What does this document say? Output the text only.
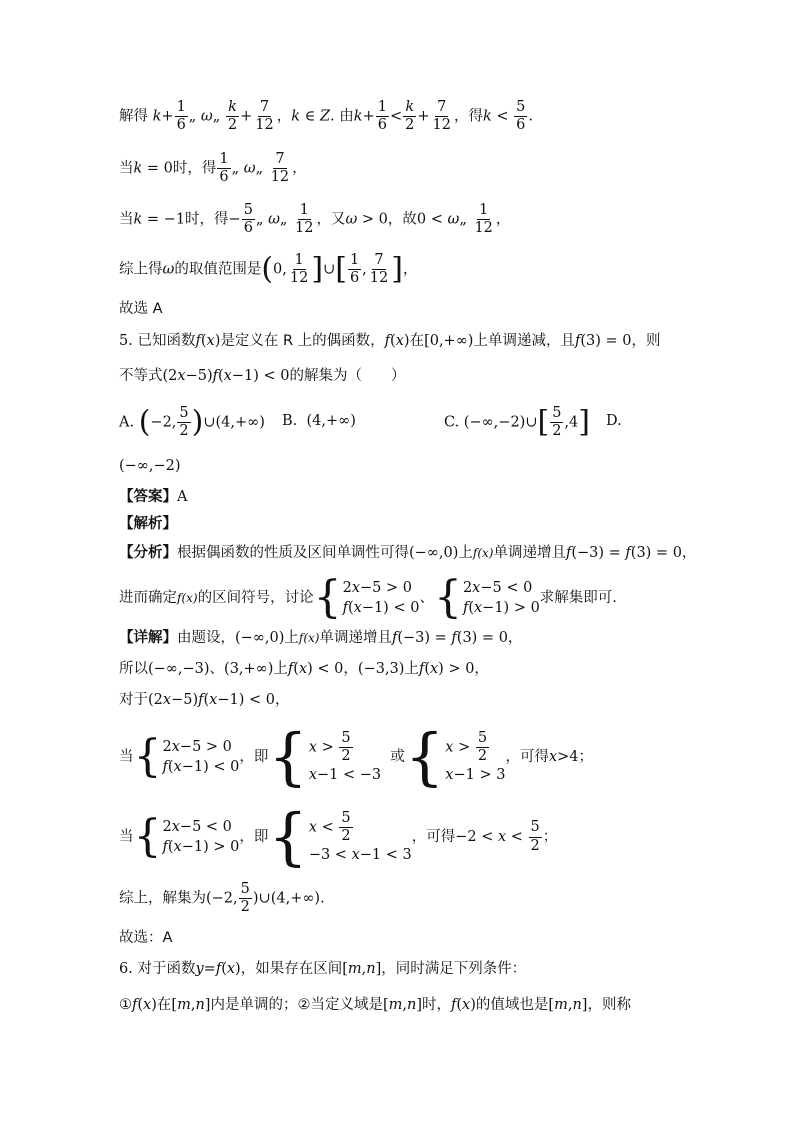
解得 $k+ \frac{1}{6}$ „ ω„ $\frac{k}{2} + \frac{7}{12}$ ，k ∈ Z. 由$k+ \frac{1}{6} < \frac{k}{2} + \frac{7}{12}$ ，得$k < \frac{5}{6}$ .
当k = 0时，得 $\frac{1}{6}$ „ ω„ $\frac{7}{12}$ ，
当k = −1时，得− $\frac{5}{6}$ „ ω„ $\frac{1}{12}$ ，又ω > 0，故0 < ω„ $\frac{1}{12}$ ，
综上得ω的取值范围是(0, $\frac{1}{12}$ ]∪[ $\frac{1}{6}$ , $\frac{7}{12}$ ]，
故选 A
5. 已知函数f(x)是定义在 R 上的偶函数，f(x)在[0,+∞)上单调递减，且f(3) = 0，则
不等式(2x−5)f(x−1) < 0的解集为（　　）
A. (−2, $\frac{5}{2}$ )∪(4,+∞) B.  (4,+∞)	C. (−∞,−2)∪[ $\frac{5}{2} ,4$] D.
(−∞,−2)
【答案】A
【解析】
【分析】根据偶函数的性质及区间单调性可得(−∞,0)上f(x)单调递增且f(−3) = f(3) = 0，
进而确定f(x)的区间符号，讨论 { 2x−5 > 0
f(x−1) < 0
、 { 2x−5 < 0
f(x−1) > 0
求解集即可.
【详解】由题设，(−∞,0)上f(x)单调递增且f(−3) = f(3) = 0，
所以(−∞,−3)、(3,+∞)上f(x) < 0，(−3,3)上f(x) > 0，
对于(2x−5)f(x−1) < 0，
当 { 2x−5 > 0
f(x−1) < 0
，即 { $x > \frac{5}{2}$
x−1 < −3
或 { $x > \frac{5}{2}$
x−1 > 3
，可得x>4；
当 { 2x−5 < 0
f(x−1) > 0
，即 { $x < \frac{5}{2}$
−3 < x−1 < 3
，可得$-2 < x < \frac{5}{2}$ ；
综上，解集为(−2, $\frac{5}{2}$ )∪(4,+∞).
故选：A
6. 对于函数y=f(x)，如果存在区间[m,n]，同时满足下列条件：
①f(x)在[m,n]内是单调的；②当定义域是[m,n]时，f(x)的值域也是[m,n]，则称
